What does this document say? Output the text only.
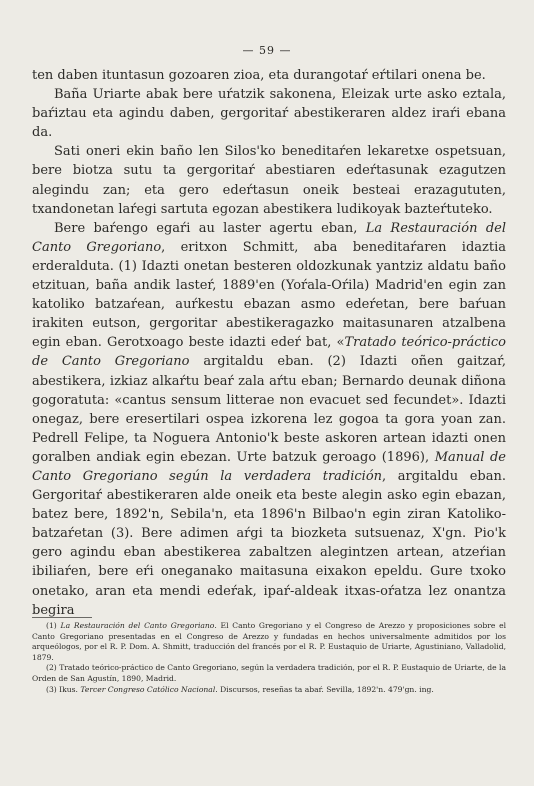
— 59 —

ten daben ituntasun gozoaren zioa, eta durangotaŕ eŕtilari onena be.

Baña Uriarte abak bere uŕatzik sakonena, Eleizak urte asko eztala, baŕiztau eta agindu daben, gergoritaŕ abestikeraren aldez iraŕi ebana da.

Sati oneri ekin baño len Silos'ko beneditaŕen lekaretxe ospetsuan, bere biotza sutu ta gergoritaŕ abestiaren edeŕtasunak ezagutzen alegindu zan; eta gero edeŕtasun oneik besteai erazagututen, txandonetan laŕegi sartuta egozan abestikera ludikoyak bazteŕtuteko.

Bere baŕengo egaŕi au laster agertu eban, La Restauración del Canto Gregoriano, eritxon Schmitt, aba beneditaŕaren idaztia erderalduta. (1) Idazti onetan besteren oldozkunak yantziz aldatu baño etzituan, baña andik lasteŕ, 1889'en (Yoŕala-Oŕila) Madrid'en egin zan katoliko batzaŕean, auŕkestu ebazan asmo edeŕetan, bere baŕuan irakiten eutson, gergoritar abestikeragazko maitasunaren atzalbena egin eban. Gerotxoago beste idazti edeŕ bat, «Tratado teórico-práctico de Canto Gregoriano argitaldu eban. (2) Idazti oñen gaitzaŕ, abestikera, izkiaz alkaŕtu beaŕ zala aŕtu eban; Bernardo deunak diñona gogoratuta: «cantus sensum litterae non evacuet sed fecundet». Idazti onegaz, bere eresertilari ospea izkorena lez gogoa ta gora yoan zan. Pedrell Felipe, ta Noguera Antonio'k beste askoren artean idazti onen goralben andiak egin ebezan. Urte batzuk geroago (1896), Manual de Canto Gregoriano según la verdadera tradición, argitaldu eban. Gergoritaŕ abestikeraren alde oneik eta beste alegin asko egin ebazan, batez bere, 1892'n, Sebila'n, eta 1896'n Bilbao'n egin ziran Katoliko-batzaŕetan (3). Bere adimen aŕgi ta biozketa sutsuenaz, X'gn. Pio'k gero agindu eban abestikerea zabaltzen alegintzen artean, atzeŕian ibiliaŕen, bere eŕi oneganako maitasuna eixakon epeldu. Gure txoko onetako, aran eta mendi edeŕak, ipaŕ-aldeak itxas-oŕatza lez onantza begira

(1) La Restauración del Canto Gregoriano. El Canto Gregoriano y el Congreso de Arezzo y proposiciones sobre el Canto Gregoriano presentadas en el Congreso de Arezzo y fundadas en hechos universalmente admitidos por los arqueólogos, por el R. P. Dom. A. Shmitt, traducción del francés por el R. P. Eustaquio de Uriarte, Agustiniano, Valladolid, 1879.

(2) Tratado teórico-práctico de Canto Gregoriano, según la verdadera tradición, por el R. P. Eustaquio de Uriarte, de la Orden de San Agustín, 1890, Madrid.

(3) Ikus. Tercer Congreso Católico Nacional. Discursos, reseñas ta abaŕ. Sevilla, 1892'n. 479'gn. ing.
